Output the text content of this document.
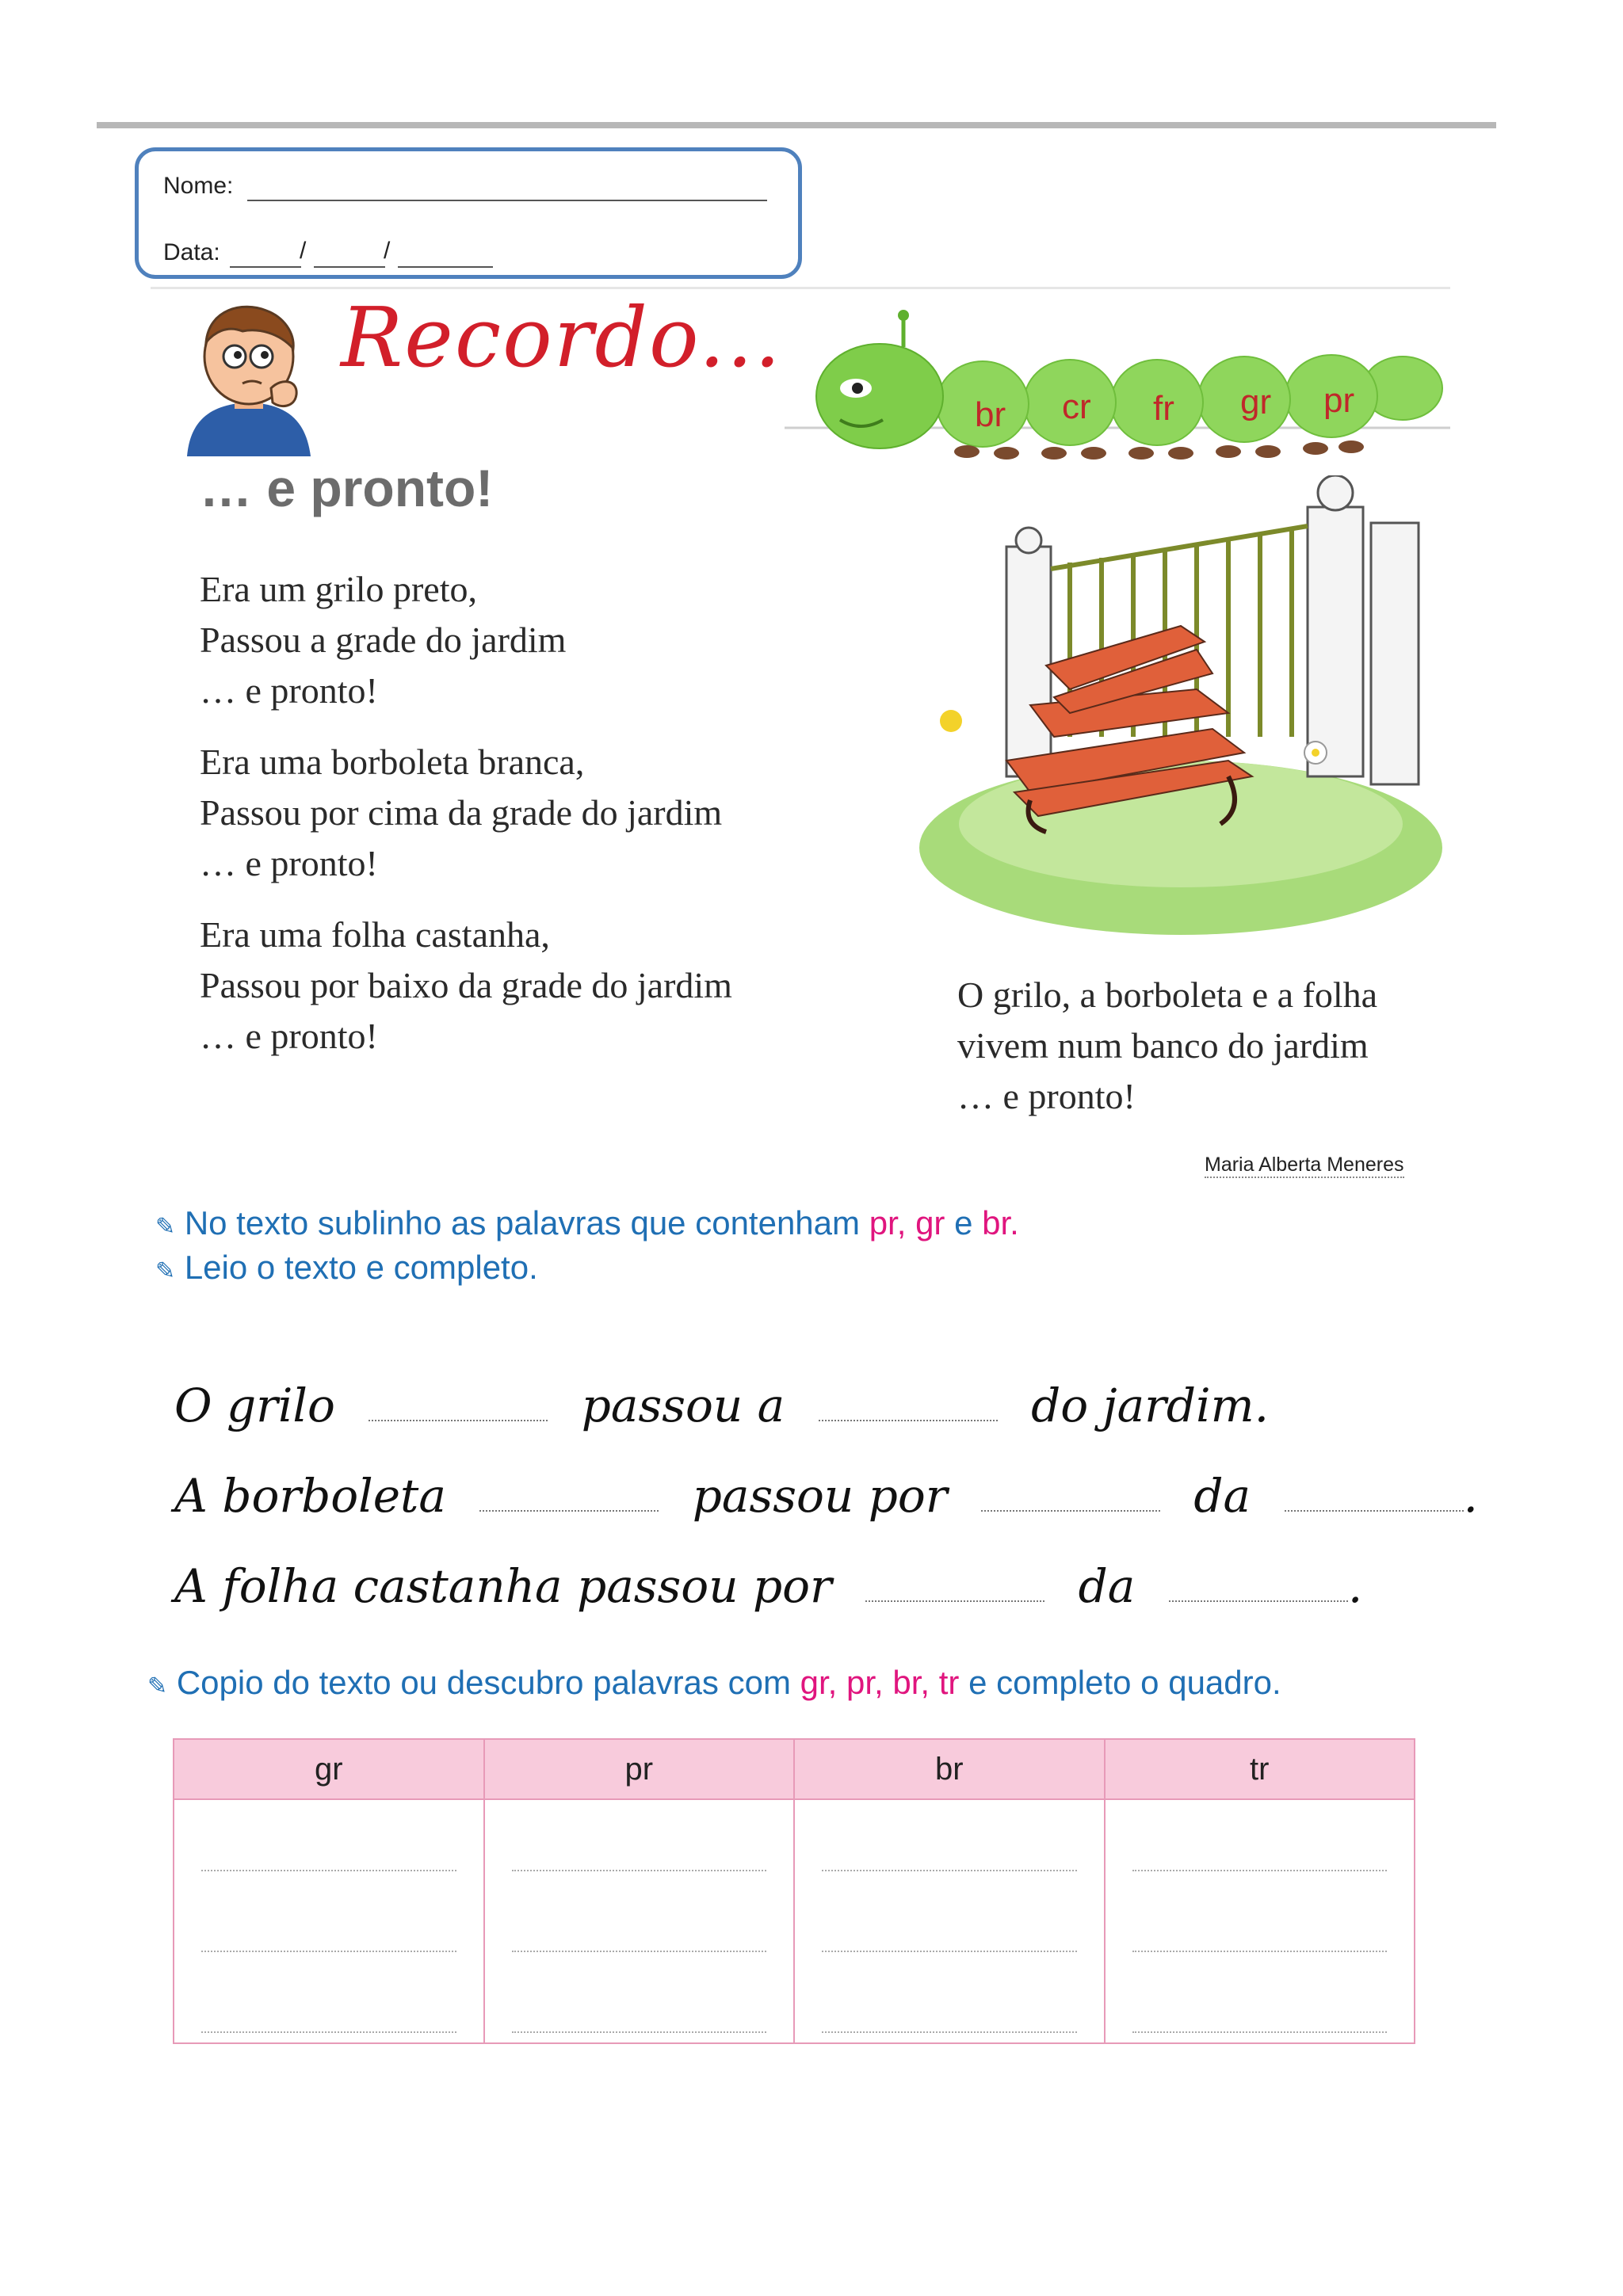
Nome:
Data:	/	/
Recordo...
… e pronto!
br cr fr gr pr
Era um grilo preto,
Passou a grade do jardim
… e pronto!
Era uma borboleta branca,
Passou por cima da grade do jardim
… e pronto!
Era uma folha castanha,
Passou por baixo da grade do jardim
… e pronto!
O grilo, a borboleta e a folha
vivem num banco do jardim
… e pronto!
Maria Alberta Meneres
✎ No texto sublinho as palavras que contenham pr, gr e br.
✎ Leio o texto e completo.
O grilo	passou a	do jardim.
A borboleta	passou por	da	.
A folha castanha passou por	da	.
✎ Copio do texto ou descubro palavras com gr, pr, br, tr e completo o quadro.
gr	pr	br	tr
